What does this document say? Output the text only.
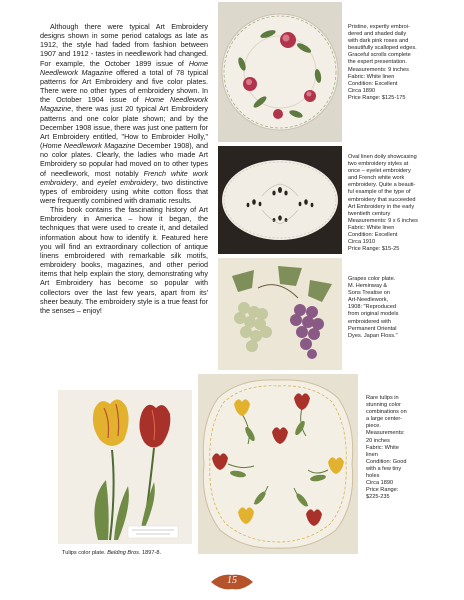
Although there were typical Art Embroidery designs shown in some period catalogs as late as 1912, the style had faded from fashion between 1907 and 1912 - tastes in needlework had changed. For example, the October 1899 issue of Home Needlework Magazine offered a total of 78 typical patterns for Art Embroidery and five color plates. There were no other types of embroidery shown. In the October 1904 issue of Home Needlework Magazine, there was just 20 typical Art Embroidery patterns and one color plate shown; and by the December 1908 issue, there was just one pattern for Art Embroidery entitled, "How to Embroider Holly," (Home Needlework Magazine December 1908), and no color plates. Clearly, the ladies who made Art Embroidery so popular had moved on to other types of needlework, most notably French white work embroidery, and eyelet embroidery, two distinctive types of embroidery using white cotton floss that were frequently combined with dramatic results.

This book contains the fascinating history of Art Embroidery in America – how it began, the techniques that were used to create it, and detailed information about how to identify it. Featured here you will find an extraordinary collection of antique linens embroidered with remarkable silk motifs, embroidery books, magazines, and other period items that help explain the story, demonstrating why Art Embroidery has become so popular with collectors over the last few years, apart from its' sheer beauty. The embroidery style is a true feast for the senses – enjoy!

Pristine, expertly embroi-
dered and shaded daily
with dark pink roses and
beautifully scalloped edges.
Graceful scrolls complete
the expert presentation.
Measurements: 9 inches
Fabric: White linen
Condition: Excellent
Circa 1890
Price Range: $125-175
Oval linen doily showcasing
two embroidery styles at
once – eyelet embroidery
and French white work
embroidery. Quite a beauti-
ful example of the type of
embroidery that succeeded
Art Embroidery in the early
twentieth century
Measurements: 9 x 6 inches
Fabric: White linen
Condition: Excellent
Circa 1910
Price Range: $15-25
Grapes color plate.
M. Heminway &
Sons Treatise on
Art-Needlework,
1908: "Reproduced
from original models
embroidered with
Permanent Oriental
Dyes. Japan Floss."
Tulips color plate. Belding Bros. 1897-8.
Rare tulips in
stunning color
combinations on
a large center-
piece.
Measurements:
20 inches
Fabric: White
linen
Condition: Good
with a few tiny
holes
Circa 1890
Price Range:
$225-235
15
